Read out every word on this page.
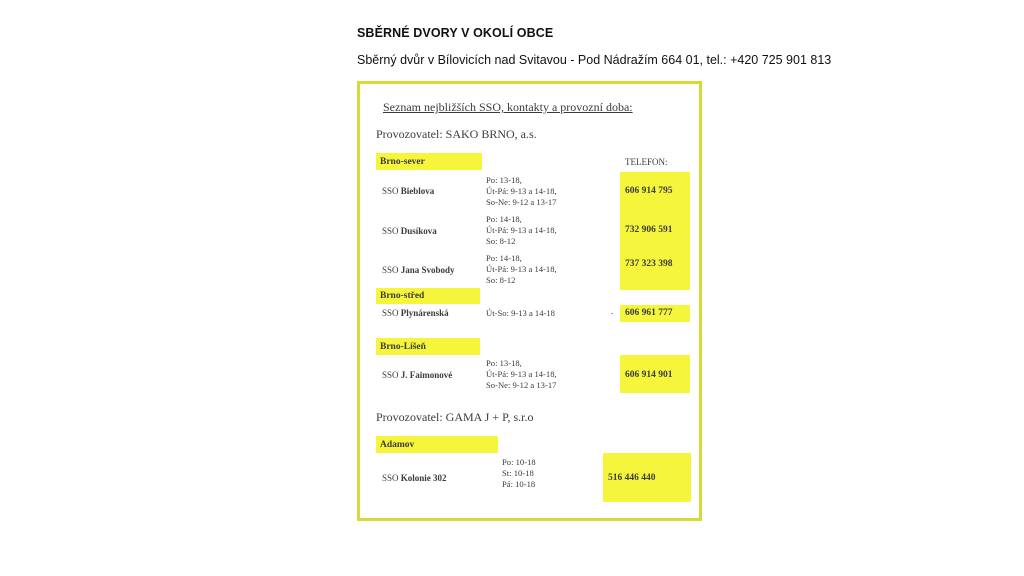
SBĚRNÉ DVORY V OKOLÍ OBCE
Sběrný dvůr v Bílovicích nad Svitavou - Pod Nádražím 664 01, tel.: +420 725 901 813
Seznam nejbližších SSO, kontakty a provozní doba:
Provozovatel: SAKO BRNO, a.s.
TELEFON:
Brno-sever
SSO Bieblova
Po: 13-18,
Út-Pá: 9-13 a 14-18,
So-Ne: 9-12 a 13-17
606 914 795
SSO Dusíkova
Po: 14-18,
Út-Pá: 9-13 a 14-18,
So: 8-12
732 906 591
SSO Jana Svobody
Po: 14-18,
Út-Pá: 9-13 a 14-18,
So: 8-12
737 323 398
Brno-střed
SSO Plynárenská	Út-So: 9-13 a 14-18	. 606 961 777
Brno-Líšeň
SSO J. Faimonové
Po: 13-18,
Út-Pá: 9-13 a 14-18,
So-Ne: 9-12 a 13-17
606 914 901
Provozovatel: GAMA J + P, s.r.o
Adamov
SSO Kolonie 302
Po: 10-18
St: 10-18
Pá: 10-18
516 446 440
